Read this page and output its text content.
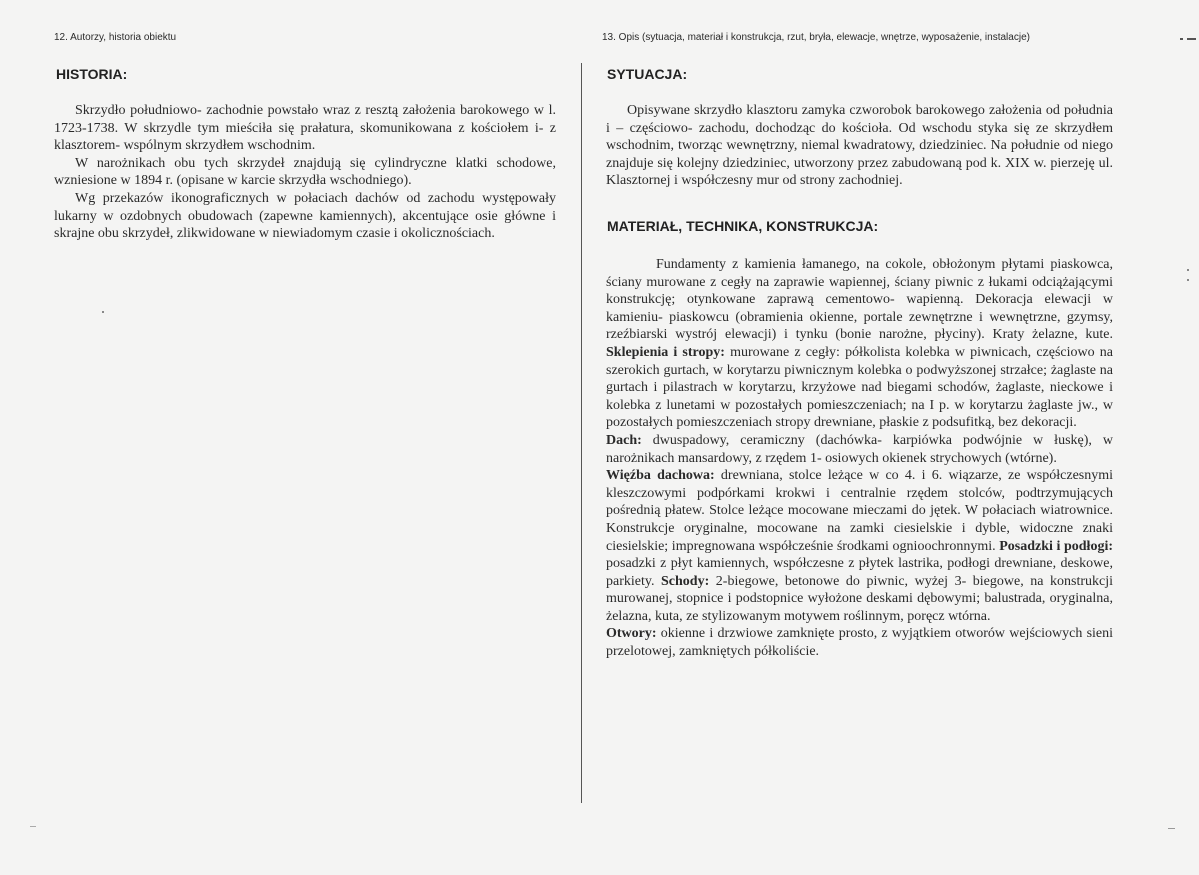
12. Autorzy, historia obiektu
HISTORIA:

Skrzydło południowo- zachodnie powstało wraz z resztą założenia barokowego w l. 1723-1738. W skrzydle tym mieściła się prałatura, skomunikowana z kościołem i- z klasztorem- wspólnym skrzydłem wschodnim.

W narożnikach obu tych skrzydeł znajdują się cylindryczne klatki schodowe, wzniesione w 1894 r. (opisane w karcie skrzydła wschodniego).

Wg przekazów ikonograficznych w połaciach dachów od zachodu występowały lukarny w ozdobnych obudowach (zapewne kamiennych), akcentujące osie główne i skrajne obu skrzydeł, zlikwidowane w niewiadomym czasie i okolicznościach.

13. Opis (sytuacja, materiał i konstrukcja, rzut, bryła, elewacje, wnętrze, wyposażenie, instalacje)
SYTUACJA:

Opisywane skrzydło klasztoru zamyka czworobok barokowego założenia od południa i – częściowo- zachodu, dochodząc do kościoła. Od wschodu styka się ze skrzydłem wschodnim, tworząc wewnętrzny, niemal kwadratowy, dziedziniec. Na południe od niego znajduje się kolejny dziedziniec, utworzony przez zabudowaną pod k. XIX w. pierzeję ul. Klasztornej i współczesny mur od strony zachodniej.

MATERIAŁ, TECHNIKA, KONSTRUKCJA:

Fundamenty z kamienia łamanego, na cokole, obłożonym płytami piaskowca, ściany murowane z cegły na zaprawie wapiennej, ściany piwnic z łukami odciążającymi konstrukcję; otynkowane zaprawą cementowo- wapienną. Dekoracja elewacji w kamieniu- piaskowcu (obramienia okienne, portale zewnętrzne i wewnętrzne, gzymsy, rzeźbiarski wystrój elewacji) i tynku (bonie narożne, płyciny). Kraty żelazne, kute. Sklepienia i stropy: murowane z cegły: półkolista kolebka w piwnicach, częściowo na szerokich gurtach, w korytarzu piwnicznym kolebka o podwyższonej strzałce; żaglaste na gurtach i pilastrach w korytarzu, krzyżowe nad biegami schodów, żaglaste, nieckowe i kolebka z lunetami w pozostałych pomieszczeniach; na I p. w korytarzu żaglaste jw., w pozostałych pomieszczeniach stropy drewniane, płaskie z podsufitką, bez dekoracji.

Dach: dwuspadowy, ceramiczny (dachówka- karpiówka podwójnie w łuskę), w narożnikach mansardowy, z rzędem 1- osiowych okienek strychowych (wtórne).

Więźba dachowa: drewniana, stolce leżące w co 4. i 6. wiązarze, ze współczesnymi kleszczowymi podpórkami krokwi i centralnie rzędem stolców, podtrzymujących pośrednią płatew. Stolce leżące mocowane mieczami do jętek. W połaciach wiatrownice. Konstrukcje oryginalne, mocowane na zamki ciesielskie i dyble, widoczne znaki ciesielskie; impregnowana współcześnie środkami ognioochronnymi. Posadzki i podłogi: posadzki z płyt kamiennych, współczesne z płytek lastrika, podłogi drewniane, deskowe, parkiety. Schody: 2-biegowe, betonowe do piwnic, wyżej 3- biegowe, na konstrukcji murowanej, stopnice i podstopnice wyłożone deskami dębowymi; balustrada, oryginalna, żelazna, kuta, ze stylizowanym motywem roślinnym, poręcz wtórna.

Otwory: okienne i drzwiowe zamknięte prosto, z wyjątkiem otworów wejściowych sieni przelotowej, zamkniętych półkoliście.
